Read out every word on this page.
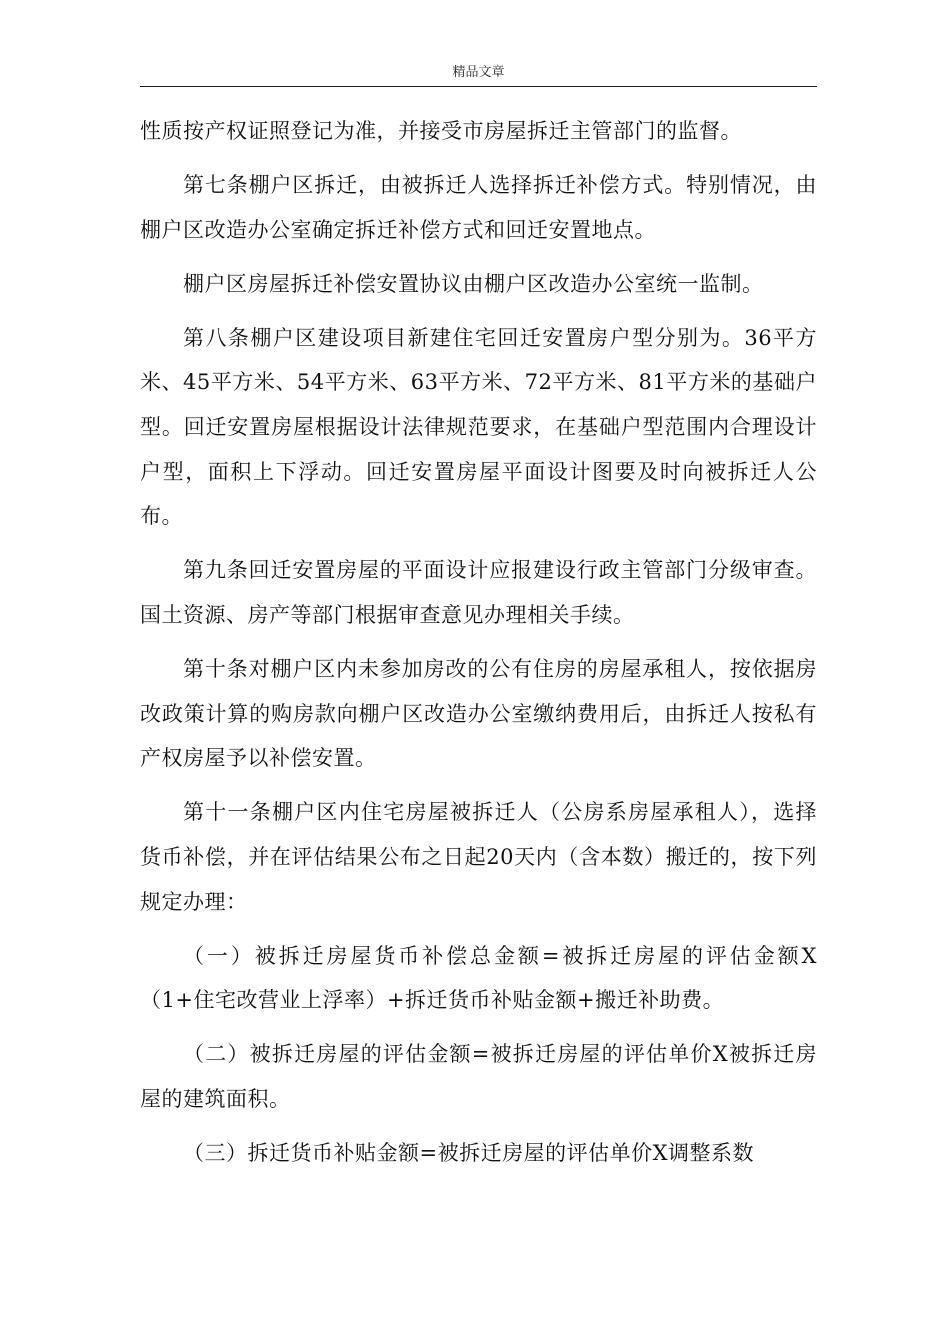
精品文章

性质按产权证照登记为准，并接受市房屋拆迁主管部门的监督。

第七条棚户区拆迁，由被拆迁人选择拆迁补偿方式。特别情况，由棚户区改造办公室确定拆迁补偿方式和回迁安置地点。

棚户区房屋拆迁补偿安置协议由棚户区改造办公室统一监制。

第八条棚户区建设项目新建住宅回迁安置房户型分别为。36平方米、45平方米、54平方米、63平方米、72平方米、81平方米的基础户型。回迁安置房屋根据设计法律规范要求，在基础户型范围内合理设计户型，面积上下浮动。回迁安置房屋平面设计图要及时向被拆迁人公布。

第九条回迁安置房屋的平面设计应报建设行政主管部门分级审查。国土资源、房产等部门根据审查意见办理相关手续。

第十条对棚户区内未参加房改的公有住房的房屋承租人，按依据房改政策计算的购房款向棚户区改造办公室缴纳费用后，由拆迁人按私有产权房屋予以补偿安置。

第十一条棚户区内住宅房屋被拆迁人（公房系房屋承租人），选择货币补偿，并在评估结果公布之日起20天内（含本数）搬迁的，按下列规定办理：

（一）被拆迁房屋货币补偿总金额=被拆迁房屋的评估金额X（1+住宅改营业上浮率）+拆迁货币补贴金额+搬迁补助费。

（二）被拆迁房屋的评估金额=被拆迁房屋的评估单价X被拆迁房屋的建筑面积。

（三）拆迁货币补贴金额=被拆迁房屋的评估单价X调整系数
